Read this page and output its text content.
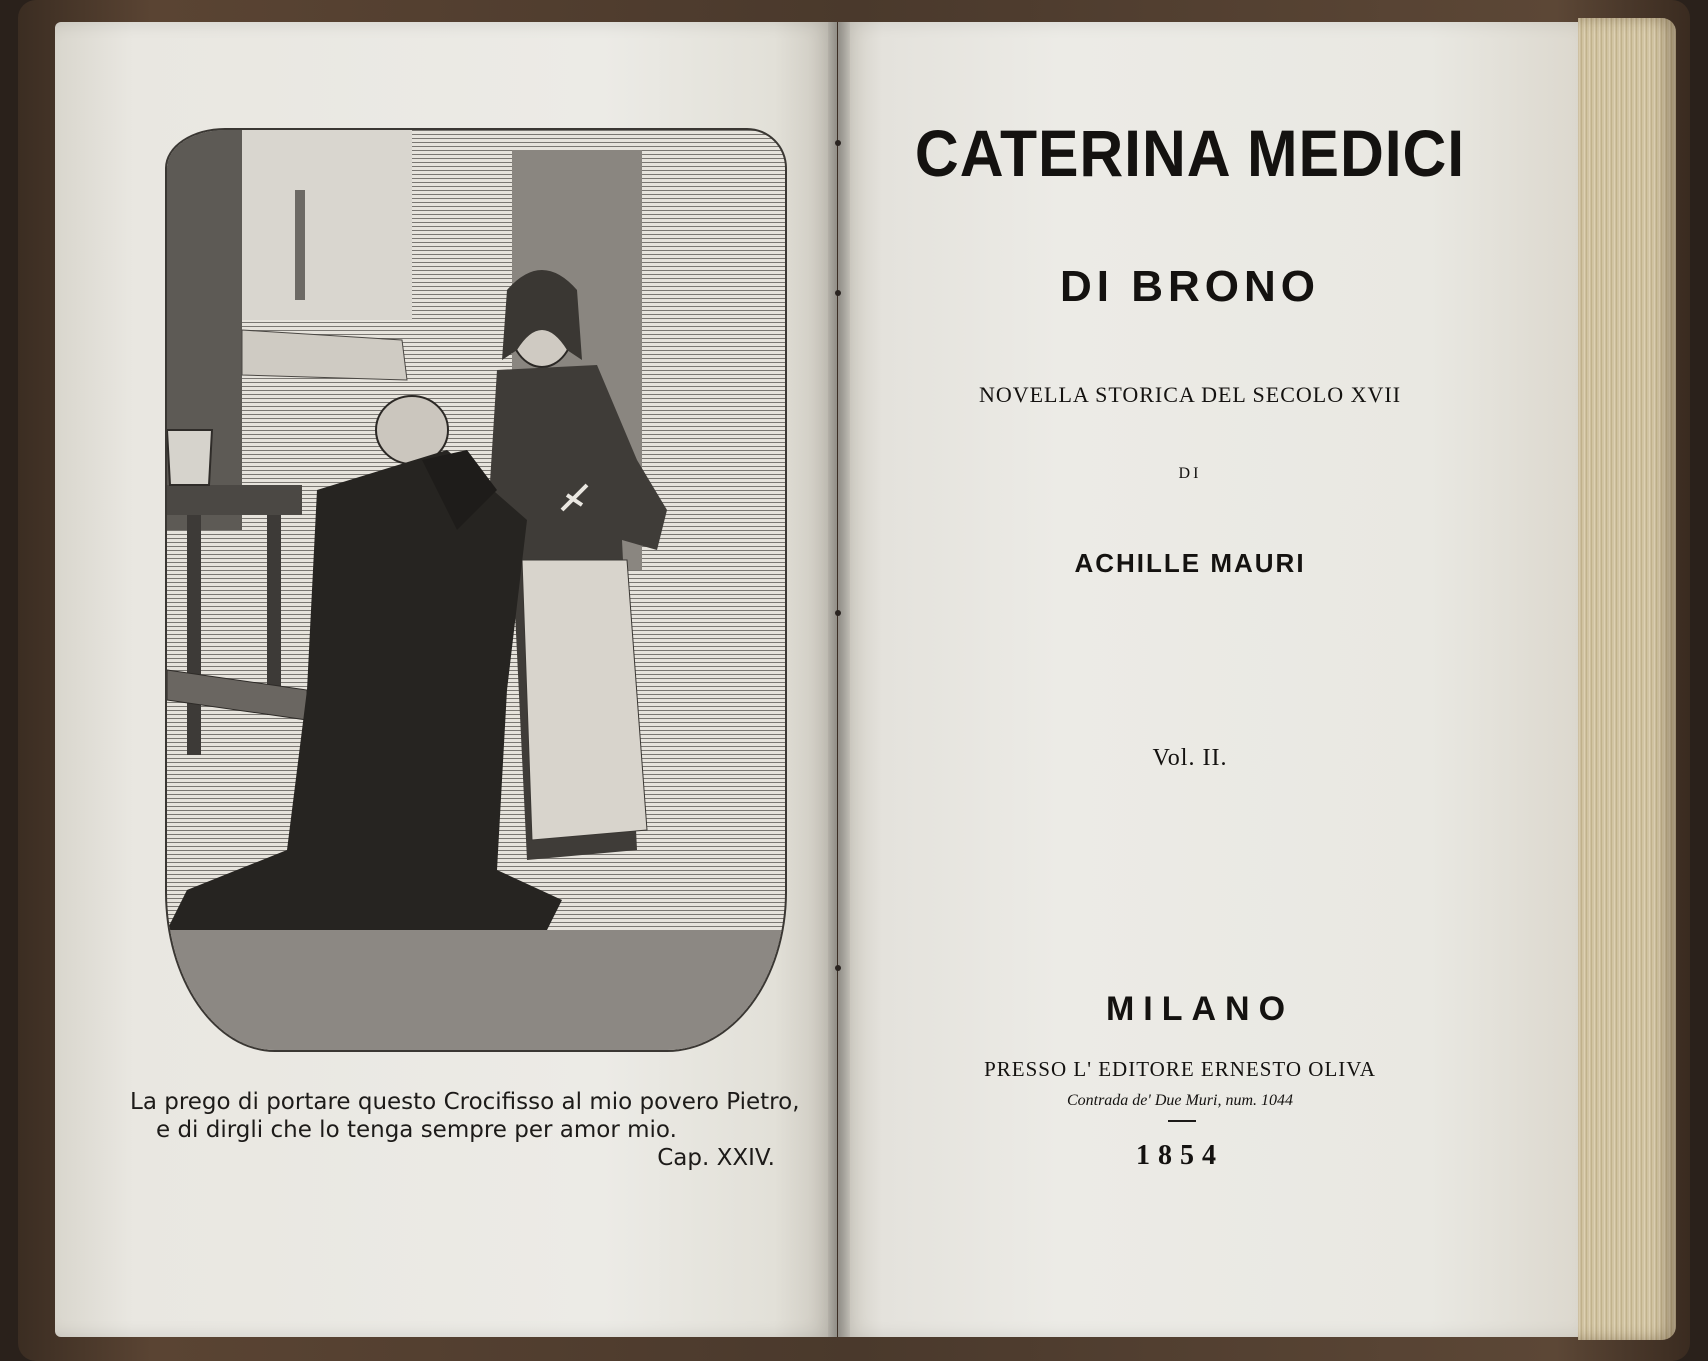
La prego di portare questo Crocifisso al mio povero Pietro,
e di dirgli che lo tenga sempre per amor mio.
Cap. XXIV.
CATERINA MEDICI
DI BRONO
NOVELLA STORICA DEL SECOLO XVII
DI
ACHILLE MAURI
Vol. II.
MILANO
PRESSO L' EDITORE ERNESTO OLIVA
Contrada de' Due Muri, num. 1044
1854
